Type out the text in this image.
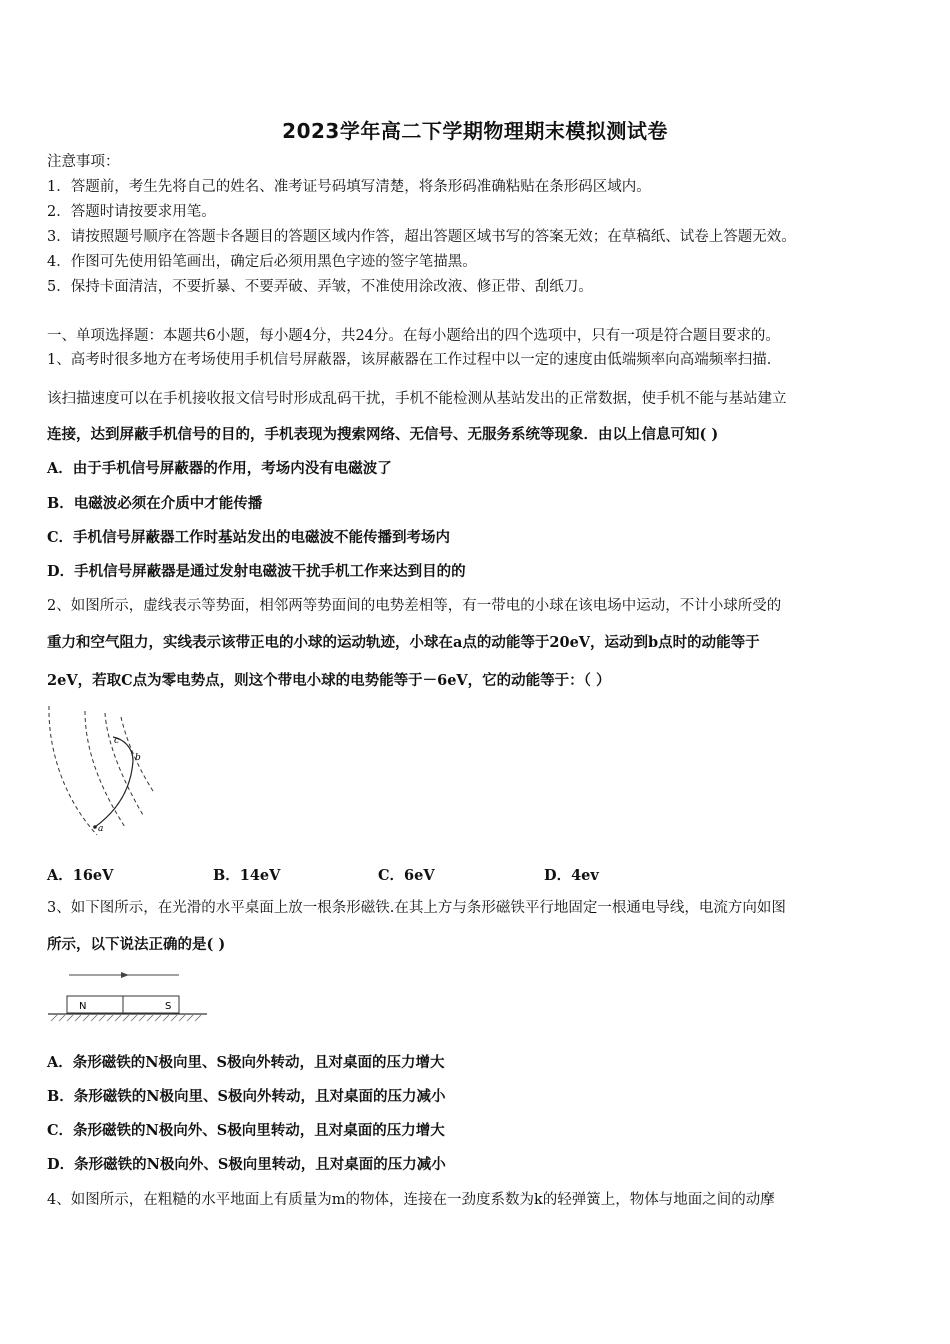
2023学年高二下学期物理期末模拟测试卷
注意事项：
1．答题前，考生先将自己的姓名、准考证号码填写清楚，将条形码准确粘贴在条形码区域内。
2．答题时请按要求用笔。
3．请按照题号顺序在答题卡各题目的答题区域内作答，超出答题区域书写的答案无效；在草稿纸、试卷上答题无效。
4．作图可先使用铅笔画出，确定后必须用黑色字迹的签字笔描黑。
5．保持卡面清洁，不要折暴、不要弄破、弄皱，不准使用涂改液、修正带、刮纸刀。
一、单项选择题：本题共6小题，每小题4分，共24分。在每小题给出的四个选项中，只有一项是符合题目要求的。
1、高考时很多地方在考场使用手机信号屏蔽器，该屏蔽器在工作过程中以一定的速度由低端频率向高端频率扫描．
该扫描速度可以在手机接收报文信号时形成乱码干扰，手机不能检测从基站发出的正常数据，使手机不能与基站建立
连接，达到屏蔽手机信号的目的，手机表现为搜索网络、无信号、无服务系统等现象．由以上信息可知( )
A．由于手机信号屏蔽器的作用，考场内没有电磁波了
B．电磁波必须在介质中才能传播
C．手机信号屏蔽器工作时基站发出的电磁波不能传播到考场内
D．手机信号屏蔽器是通过发射电磁波干扰手机工作来达到目的的
2、如图所示，虚线表示等势面，相邻两等势面间的电势差相等，有一带电的小球在该电场中运动，不计小球所受的
重力和空气阻力，实线表示该带正电的小球的运动轨迹，小球在a点的动能等于20eV，运动到b点时的动能等于
2eV，若取C点为零电势点，则这个带电小球的电势能等于－6eV，它的动能等于：（ ）
a
b
c
A．16eV	B．14eV	C．6eV	D．4ev
3、如下图所示，在光滑的水平桌面上放一根条形磁铁.在其上方与条形磁铁平行地固定一根通电导线，电流方向如图
所示，以下说法正确的是( )
N	S
A．条形磁铁的N极向里、S极向外转动，且对桌面的压力增大
B．条形磁铁的N极向里、S极向外转动，且对桌面的压力减小
C．条形磁铁的N极向外、S极向里转动，且对桌面的压力增大
D．条形磁铁的N极向外、S极向里转动，且对桌面的压力减小
4、如图所示，在粗糙的水平地面上有质量为m的物体，连接在一劲度系数为k的轻弹簧上，物体与地面之间的动摩
